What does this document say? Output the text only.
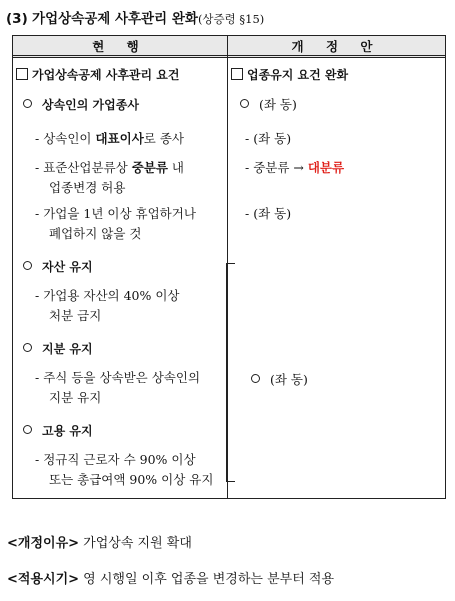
(3) 가업상속공제 사후관리 완화(상증령 §15)
현 행	개 정 안
가업상속공제 사후관리 요건
상속인의 가업종사
- 상속인이 대표이사로 종사
- 표준산업분류상 중분류 내
업종변경 허용
- 가업을 1년 이상 휴업하거나
폐업하지 않을 것
자산 유지
- 가업용 자산의 40% 이상
처분 금지
지분 유지
- 주식 등을 상속받은 상속인의
지분 유지
고용 유지
- 정규직 근로자 수 90% 이상
또는 총급여액 90% 이상 유지
업종유지 요건 완화
(좌 동)
- (좌 동)
- 중분류 → 대분류
- (좌 동)
(좌 동)
<개정이유> 가업상속 지원 확대
<적용시기> 영 시행일 이후 업종을 변경하는 분부터 적용
